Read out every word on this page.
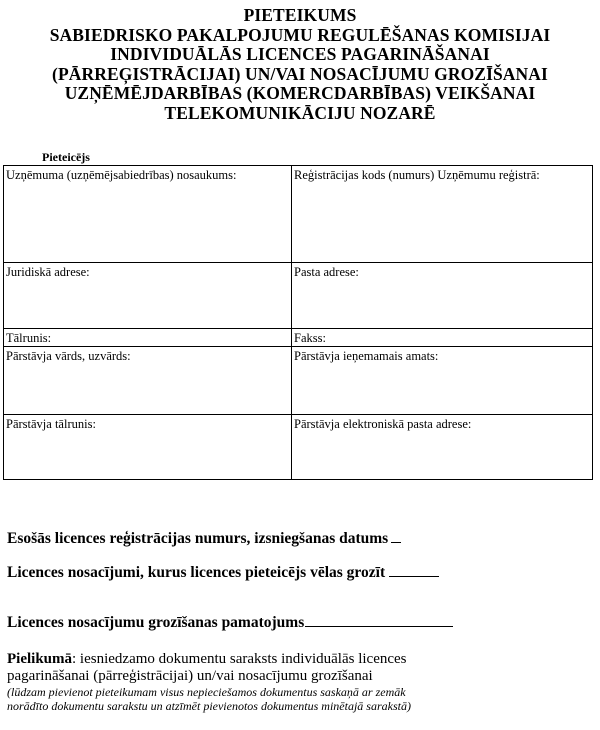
PIETEIKUMS
SABIEDRISKO PAKALPOJUMU REGULĒŠANAS KOMISIJAI
INDIVIDUĀLĀS LICENCES PAGARINĀŠANAI
(PĀRREĢISTRĀCIJAI) UN/VAI NOSACĪJUMU GROZĪŠANAI
UZŅĒMĒJDARBĪBAS (KOMERCDARBĪBAS) VEIKŠANAI
TELEKOMUNIKĀCIJU NOZARĒ
Pieteicējs
Uzņēmuma (uzņēmējsabiedrības) nosaukums:	Reģistrācijas kods (numurs) Uzņēmumu reģistrā:
Juridiskā adrese:	Pasta adrese:
Tālrunis:	Fakss:
Pārstāvja vārds, uzvārds:	Pārstāvja ieņemamais amats:
Pārstāvja tālrunis:	Pārstāvja elektroniskā pasta adrese:
Esošās licences reģistrācijas numurs, izsniegšanas datums
Licences nosacījumi, kurus licences pieteicējs vēlas grozīt
Licences nosacījumu grozīšanas pamatojums
Pielikumā: iesniedzamo dokumentu saraksts individuālās licences
pagarināšanai (pārreģistrācijai) un/vai nosacījumu grozīšanai
(lūdzam pievienot pieteikumam visus nepieciešamos dokumentus saskaņā ar zemāk
norādīto dokumentu sarakstu un atzīmēt pievienotos dokumentus minētajā sarakstā)
